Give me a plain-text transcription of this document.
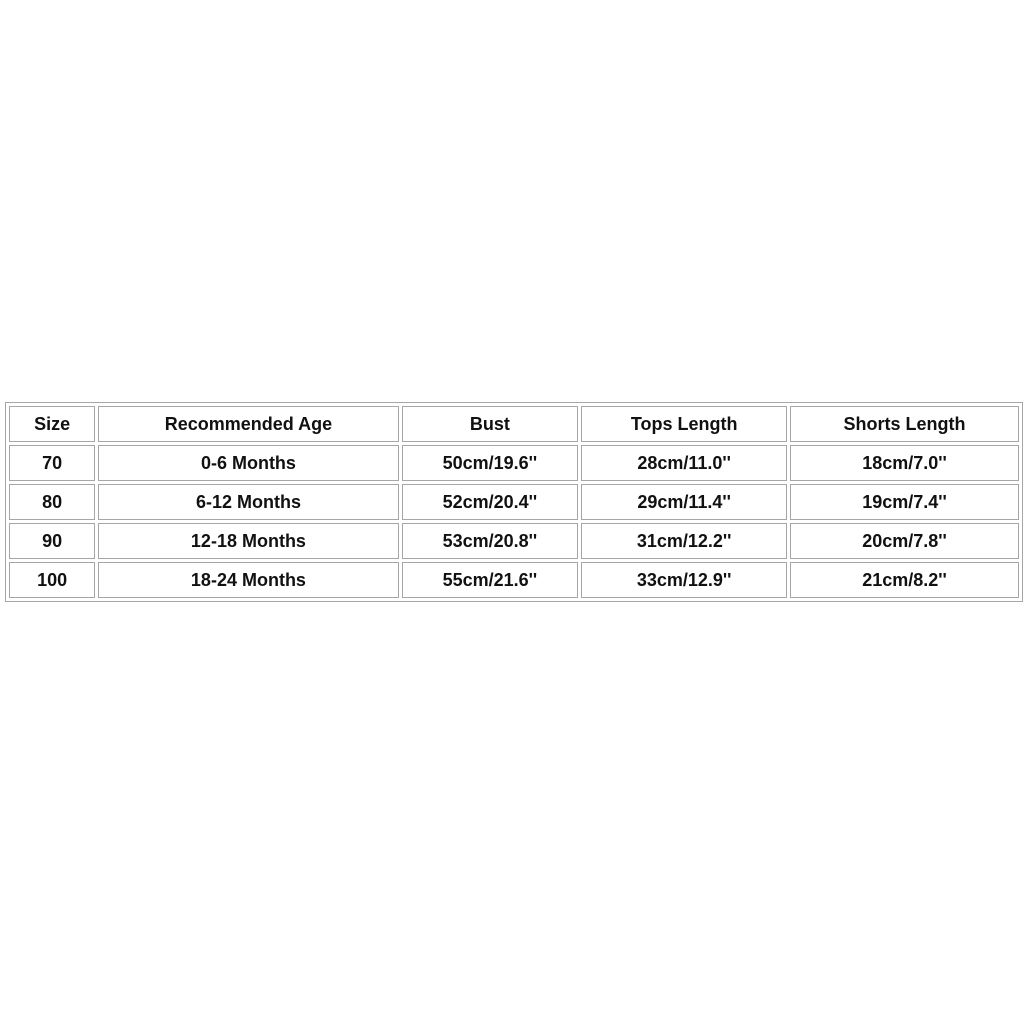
Size	Recommended Age	Bust	Tops Length	Shorts Length
70	0-6 Months	50cm/19.6''	28cm/11.0''	18cm/7.0''
80	6-12 Months	52cm/20.4''	29cm/11.4''	19cm/7.4''
90	12-18 Months	53cm/20.8''	31cm/12.2''	20cm/7.8''
100	18-24 Months	55cm/21.6''	33cm/12.9''	21cm/8.2''
